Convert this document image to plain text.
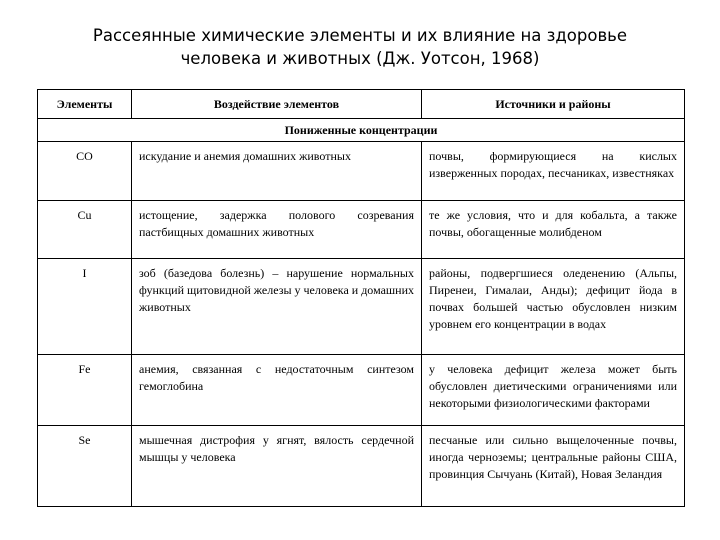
Рассеянные химические элементы и их влияние на здоровье
человека и животных (Дж. Уотсон, 1968)
Элементы	Воздействие элементов	Источники и районы
Пониженные концентрации		
CO	искудание и анемия домашних животных	почвы, формирующиеся на кислых изверженных породах, песчаниках, известняках
Cu	истощение, задержка полового созревания пастбищных домашних животных	те же условия, что и для кобальта, а также почвы, обогащенные молибденом
I	зоб (базедова болезнь) – нарушение нормальных функций щитовидной железы у человека и домашних животных	районы, подвергшиеся оледенению (Альпы, Пиренеи, Гималаи, Анды); дефицит йода в почвах большей частью обусловлен низким уровнем его концентрации в водах
Fe	анемия, связанная с недостаточным синтезом гемоглобина	у человека дефицит железа может быть обусловлен диетическими ограничениями или некоторыми физиологическими факторами
Se	мышечная дистрофия у ягнят, вялость сердечной мышцы у человека	песчаные или сильно выщелоченные почвы, иногда черноземы; центральные районы США, провинция Сычуань (Китай), Новая Зеландия
